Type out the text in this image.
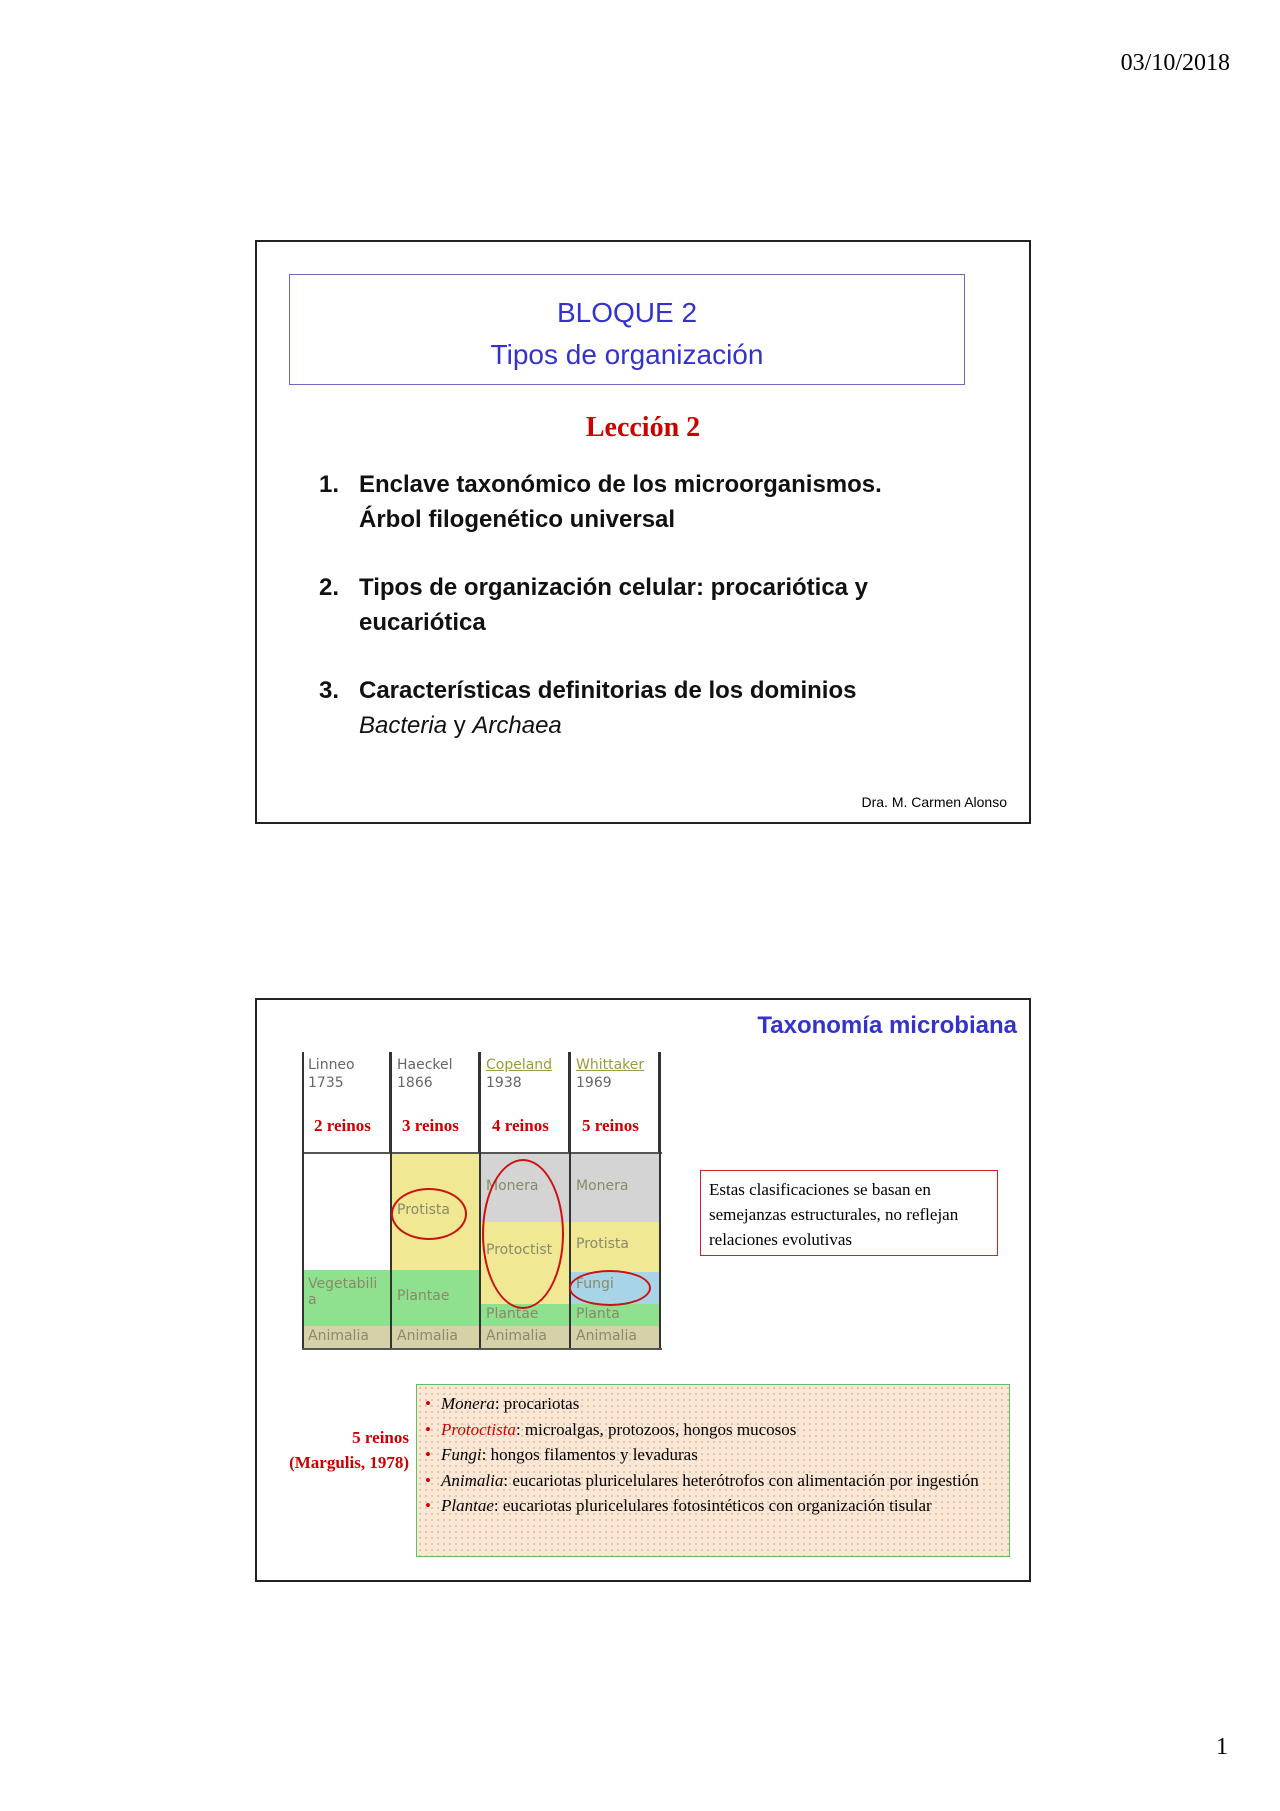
03/10/2018
BLOQUE 2
Tipos de organización
Lección 2
1. Enclave taxonómico de los microorganismos.
Árbol filogenético universal
2. Tipos de organización celular: procariótica y
eucariótica
3. Características definitorias de los dominios
Bacteria y Archaea
Dra. M. Carmen Alonso
Taxonomía microbiana
Linneo
1735
Haeckel
1866
Copeland
1938
Whittaker
1969
2 reinos 3 reinos 4 reinos 5 reinos
Vegetabili a
Animalia
Protista
Plantae
Animalia
Monera
Protoctist
Plantae
Animalia
Monera
Protista
Fungi
Planta
Animalia
Estas clasificaciones se basan en semejanzas estructurales, no reflejan relaciones evolutivas
5 reinos
(Margulis, 1978)
• Monera: procariotas
• Protoctista: microalgas, protozoos, hongos mucosos
• Fungi: hongos filamentos y levaduras
• Animalia: eucariotas pluricelulares heterótrofos con alimentación por ingestión
• Plantae: eucariotas pluricelulares fotosintéticos con organización tisular
1
